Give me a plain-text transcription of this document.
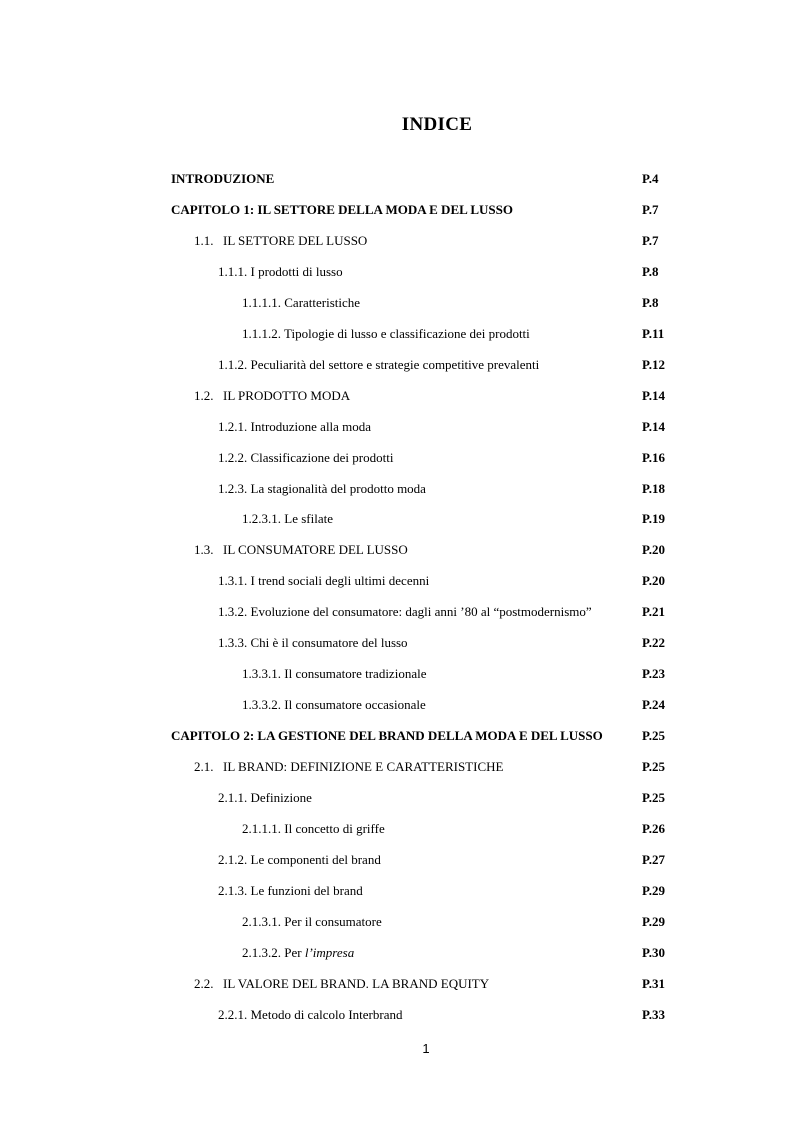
INDICE
INTRODUZIONE	P.4
CAPITOLO 1: IL SETTORE DELLA MODA E DEL LUSSO	P.7
1.1. IL SETTORE DEL LUSSO	P.7
1.1.1. I prodotti di lusso	P.8
1.1.1.1. Caratteristiche	P.8
1.1.1.2. Tipologie di lusso e classificazione dei prodotti	P.11
1.1.2. Peculiarità del settore e strategie competitive prevalenti	P.12
1.2. IL PRODOTTO MODA	P.14
1.2.1. Introduzione alla moda	P.14
1.2.2. Classificazione dei prodotti	P.16
1.2.3. La stagionalità del prodotto moda	P.18
1.2.3.1. Le sfilate	P.19
1.3. IL CONSUMATORE DEL LUSSO	P.20
1.3.1. I trend sociali degli ultimi decenni	P.20
1.3.2. Evoluzione del consumatore: dagli anni ’80 al “postmodernismo”	P.21
1.3.3. Chi è il consumatore del lusso	P.22
1.3.3.1. Il consumatore tradizionale	P.23
1.3.3.2. Il consumatore occasionale	P.24
CAPITOLO 2: LA GESTIONE DEL BRAND DELLA MODA E DEL LUSSO	P.25
2.1. IL BRAND: DEFINIZIONE E CARATTERISTICHE	P.25
2.1.1. Definizione	P.25
2.1.1.1. Il concetto di griffe	P.26
2.1.2. Le componenti del brand	P.27
2.1.3. Le funzioni del brand	P.29
2.1.3.1. Per il consumatore	P.29
2.1.3.2. Per l’impresa	P.30
2.2. IL VALORE DEL BRAND. LA BRAND EQUITY	P.31
2.2.1. Metodo di calcolo Interbrand	P.33
1
